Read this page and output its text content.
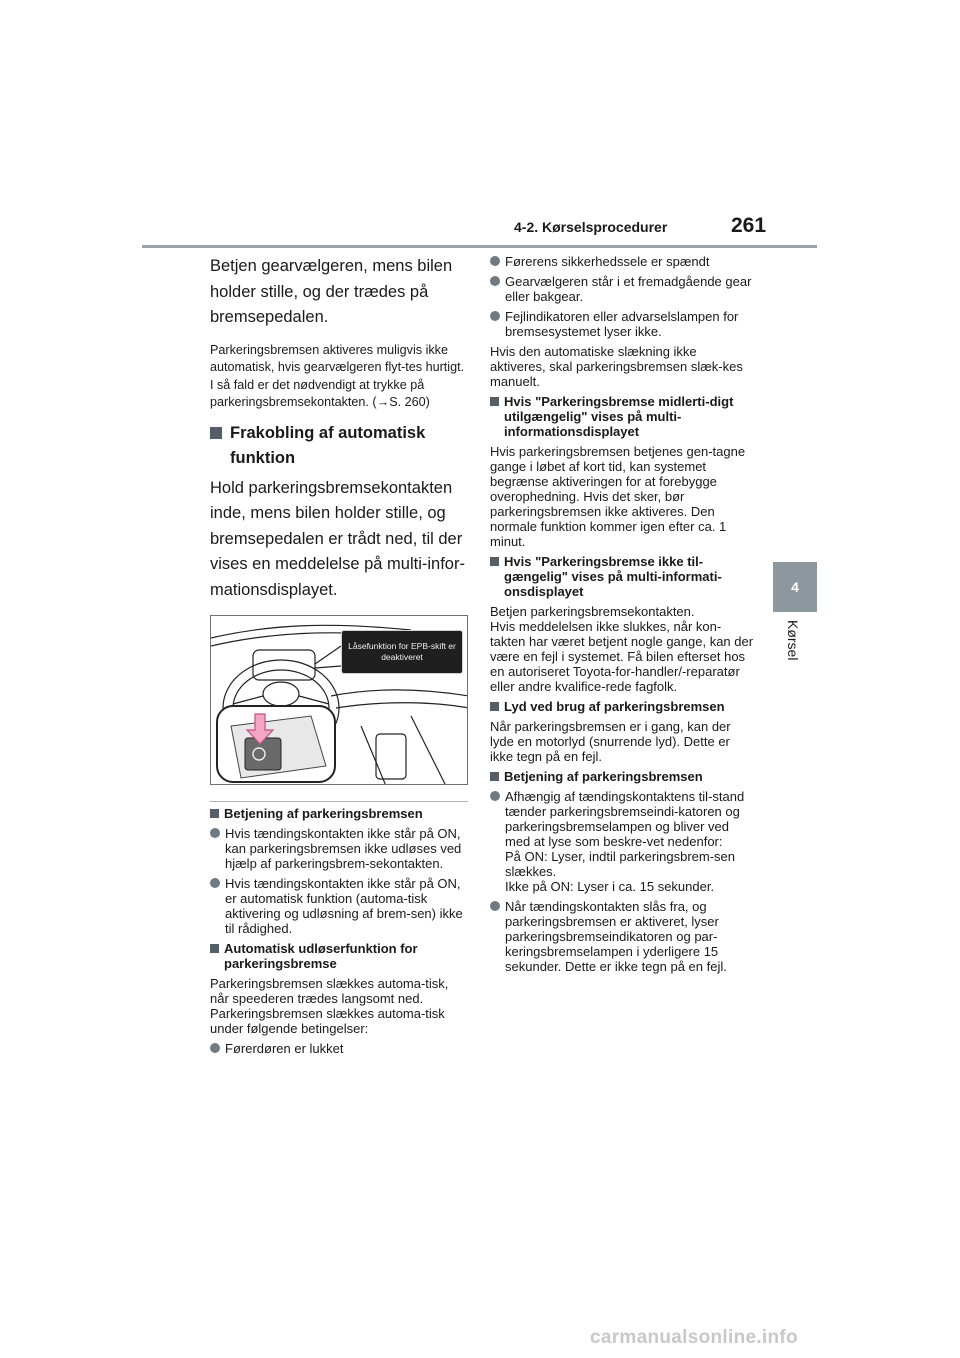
4-2. Kørselsprocedurer	261
4
Kørsel

Betjen gearvælgeren, mens bilen holder stille, og der trædes på bremsepedalen.

Parkeringsbremsen aktiveres muligvis ikke automatisk, hvis gearvælgeren flyt-tes hurtigt.
I så fald er det nødvendigt at trykke på parkeringsbremsekontakten. (→S. 260)

Frakobling af automatisk funktion

Hold parkeringsbremsekontakten inde, mens bilen holder stille, og bremsepedalen er trådt ned, til der vises en meddelelse på multi-infor-mationsdisplayet.

Låsefunktion for EPB-skift er deaktiveret
Betjening af parkeringsbremsen
Hvis tændingskontakten ikke står på ON, kan parkeringsbremsen ikke udløses ved hjælp af parkeringsbrem-sekontakten.
Hvis tændingskontakten ikke står på ON, er automatisk funktion (automa-tisk aktivering og udløsning af brem-sen) ikke til rådighed.
Automatisk udløserfunktion for parkeringsbremse

Parkeringsbremsen slækkes automa-tisk, når speederen trædes langsomt ned.
Parkeringsbremsen slækkes automa-tisk under følgende betingelser:

Førerdøren er lukket
Førerens sikkerhedssele er spændt
Gearvælgeren står i et fremadgående gear eller bakgear.
Fejlindikatoren eller advarselslampen for bremsesystemet lyser ikke.

Hvis den automatiske slækning ikke aktiveres, skal parkeringsbremsen slæk-kes manuelt.

Hvis "Parkeringsbremse midlerti-digt utilgængelig" vises på multi-informationsdisplayet

Hvis parkeringsbremsen betjenes gen-tagne gange i løbet af kort tid, kan systemet begrænse aktiveringen for at forebygge overophedning. Hvis det sker, bør parkeringsbremsen ikke aktiveres. Den normale funktion kommer igen efter ca. 1 minut.

Hvis "Parkeringsbremse ikke til-gængelig" vises på multi-informati-onsdisplayet

Betjen parkeringsbremsekontakten.
Hvis meddelelsen ikke slukkes, når kon-takten har været betjent nogle gange, kan der være en fejl i systemet. Få bilen efterset hos en autoriseret Toyota-for-handler/-reparatør eller andre kvalifice-rede fagfolk.

Lyd ved brug af parkeringsbremsen

Når parkeringsbremsen er i gang, kan der lyde en motorlyd (snurrende lyd). Dette er ikke tegn på en fejl.

Betjening af parkeringsbremsen
Afhængig af tændingskontaktens til-stand tænder parkeringsbremseindi-katoren og parkeringsbremselampen og bliver ved med at lyse som beskre-vet nedenfor:
På ON: Lyser, indtil parkeringsbrem-sen slækkes.
Ikke på ON: Lyser i ca. 15 sekunder.
Når tændingskontakten slås fra, og parkeringsbremsen er aktiveret, lyser parkeringsbremseindikatoren og par-keringsbremselampen i yderligere 15 sekunder. Dette er ikke tegn på en fejl.
carmanualsonline.info
